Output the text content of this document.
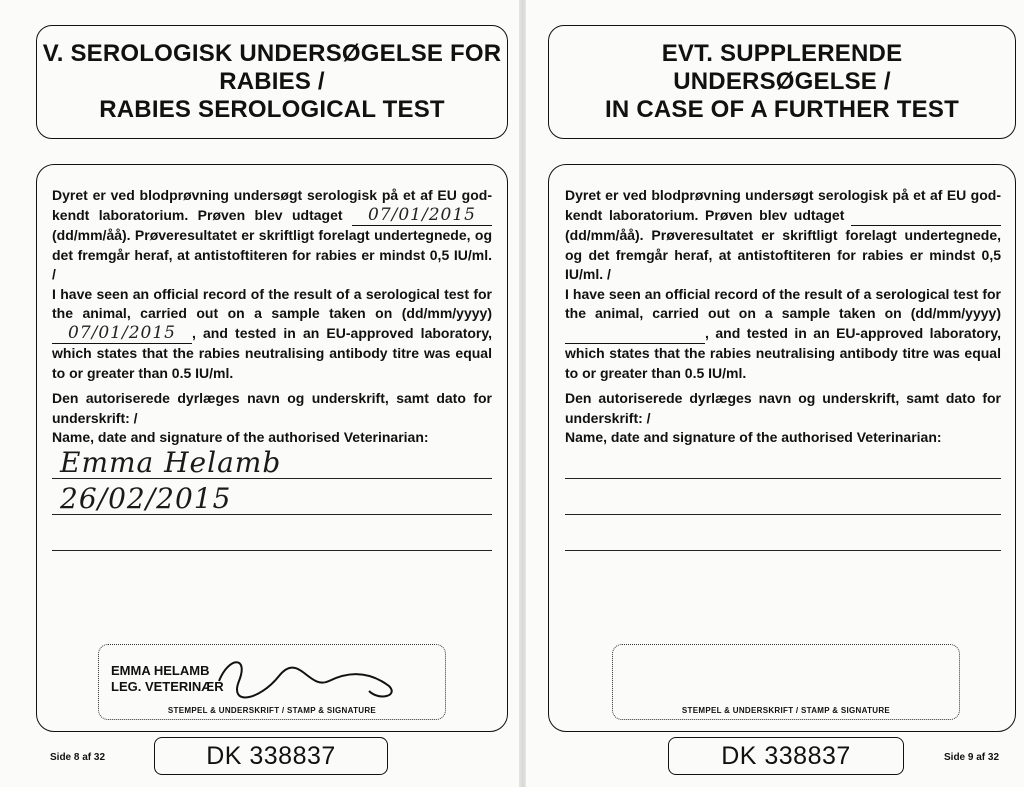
V. SEROLOGISK UNDERSØGELSE FOR
RABIES /
RABIES SEROLOGICAL TEST

Dyret er ved blodprøvning undersøgt serologisk på et af EU god-kendt laboratorium. Prøven blev udtaget 07/01/2015 (dd/mm/åå). Prøveresultatet er skriftligt forelagt undertegnede, og det fremgår heraf, at antistoftiteren for rabies er mindst 0,5 IU/ml. /

I have seen an official record of the result of a serological test for the animal, carried out on a sample taken on (dd/mm/yyyy) 07/01/2015 , and tested in an EU-approved laboratory, which states that the rabies neutralising antibody titre was equal to or greater than 0.5 IU/ml.

Den autoriserede dyrlæges navn og underskrift, samt dato for underskrift: /

Name, date and signature of the authorised Veterinarian:

Emma Helamb
26/02/2015
EMMA HELAMB
LEG. VETERINÆR
STEMPEL & UNDERSKRIFT / STAMP & SIGNATURE
Side 8 af 32	DK 338837
EVT. SUPPLERENDE
UNDERSØGELSE /
IN CASE OF A FURTHER TEST

Dyret er ved blodprøvning undersøgt serologisk på et af EU god-kendt laboratorium. Prøven blev udtaget   (dd/mm/åå). Prøveresultatet er skriftligt forelagt undertegnede, og det fremgår heraf, at antistoftiteren for rabies er mindst 0,5 IU/ml. /

I have seen an official record of the result of a serological test for the animal, carried out on a sample taken on (dd/mm/yyyy)  , and tested in an EU-approved laboratory, which states that the rabies neutralising antibody titre was equal to or greater than 0.5 IU/ml.

Den autoriserede dyrlæges navn og underskrift, samt dato for underskrift: /

Name, date and signature of the authorised Veterinarian:

STEMPEL & UNDERSKRIFT / STAMP & SIGNATURE
DK 338837	Side 9 af 32
